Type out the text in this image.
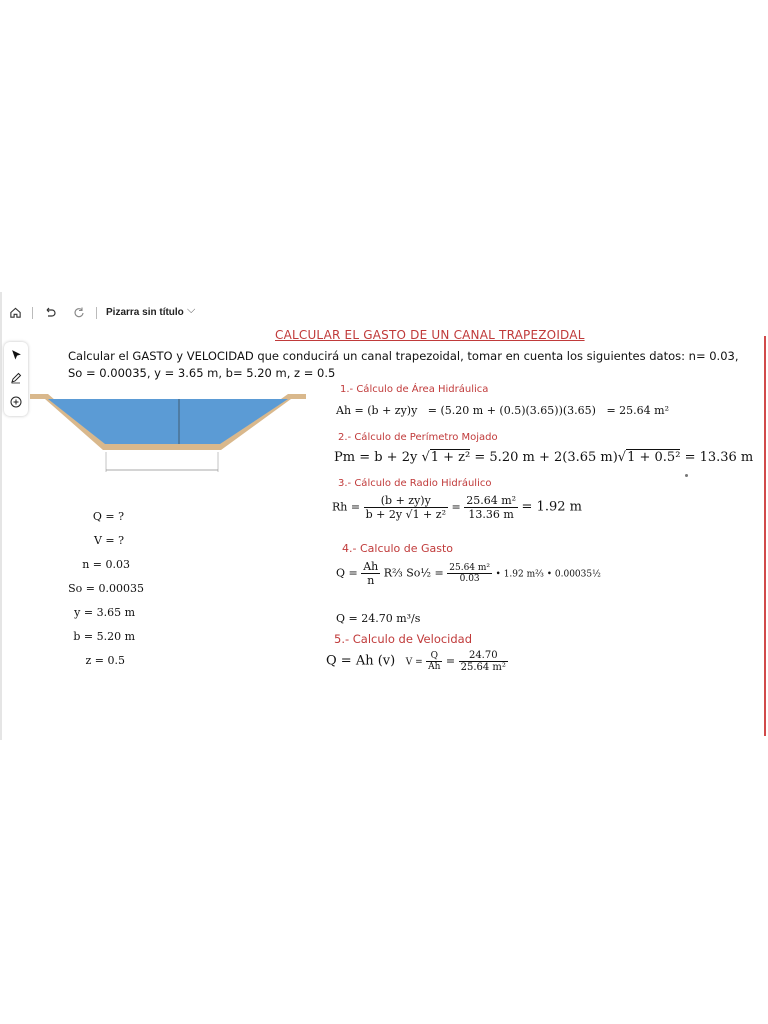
Pizarra sin título ⌵
CALCULAR EL GASTO DE UN CANAL TRAPEZOIDAL
Calcular el GASTO y VELOCIDAD que conducirá un canal trapezoidal, tomar en cuenta los siguientes datos: n= 0.03,
So = 0.00035, y = 3.65 m, b= 5.20 m, z = 0.5
Q = ?
V = ?
n = 0.03
So = 0.00035
y = 3.65 m
b = 5.20 m
z = 0.5
1.- Cálculo de Área Hidráulica
Ah = (b + zy)y = (5.20 m + (0.5)(3.65))(3.65) = 25.64 m²
2.- Cálculo de Perímetro Mojado
Pm = b + 2y √1 + z² = 5.20 m + 2(3.65 m)√1 + 0.5² = 13.36 m
3.- Cálculo de Radio Hidráulico
$Rh = \frac{(b + zy)y}{\text{b + 2y √1 + z²}} = \frac{\text{25.64 m²}}{13.36 m} = 1.92$ m
4.- Calculo de Gasto
$Q = \frac{Ah}{n}$ R⅔ So½ = $\frac{\text{25.64 m²}}{0.03}$ • 1.92 m⅔ • 0.00035½
Q = 24.70 m³/s
5.- Calculo de Velocidad
Q = Ah (v) $V = \frac{Q}{Ah} = \frac{24.70}{\text{25.64 m²}}$
